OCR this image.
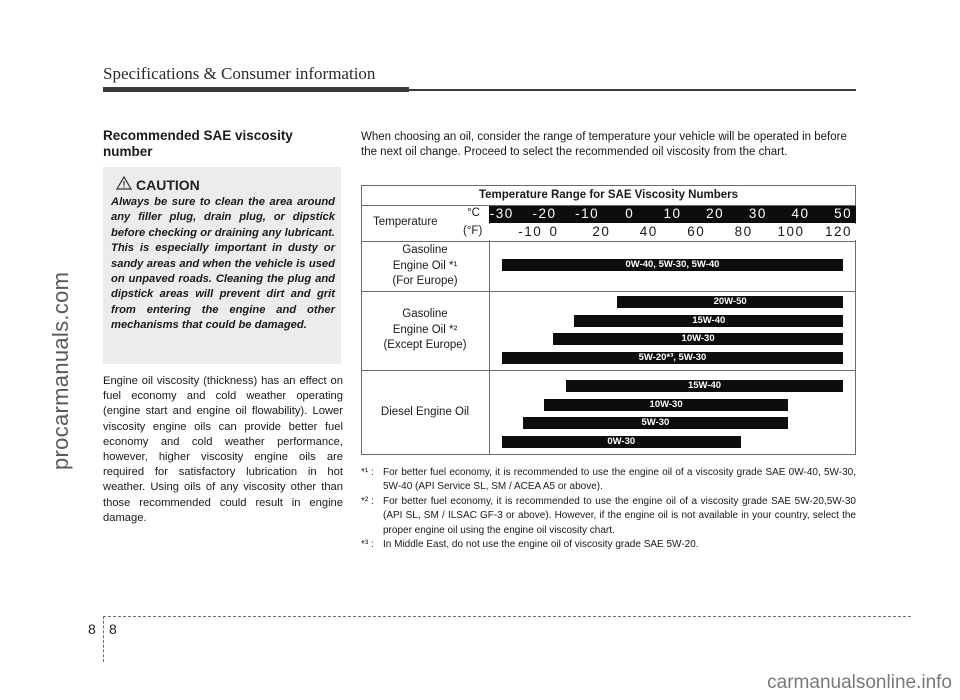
Specifications & Consumer information
procarmanuals.com
Recommended SAE viscosity number
CAUTION
Always be sure to clean the area around any filler plug, drain plug, or dipstick before checking or draining any lubricant. This is especially important in dusty or sandy areas and when the vehicle is used on unpaved roads. Cleaning the plug and dipstick areas will prevent dirt and grit from entering the engine and other mechanisms that could be damaged.
Engine oil viscosity (thickness) has an effect on fuel economy and cold weather operating (engine start and engine oil flowability). Lower viscosity engine oils can provide better fuel economy and cold weather performance, however, higher viscosity engine oils are required for satisfactory lubrication in hot weather. Using oils of any viscosity other than those recommended could result in engine damage.
When choosing an oil, consider the range of temperature your vehicle will be operated in before the next oil change. Proceed to select the recommended oil viscosity from the chart.
Temperature Range for SAE Viscosity Numbers
Temperature
°C
(°F)
-30 -20 -10 0 10 20 30 40 50
-10 0	20 40 60 80 100 120
Gasoline
Engine Oil *¹
(For Europe)
Gasoline
Engine Oil *²
(Except Europe)
Diesel Engine Oil
0W-40, 5W-30, 5W-40
20W-50
15W-40
10W-30
5W-20*³, 5W-30
15W-40
10W-30
5W-30
0W-30
*¹ : For better fuel economy, it is recommended to use the engine oil of a viscosity grade SAE 0W-40, 5W-30, 5W-40 (API Service SL, SM / ACEA A5 or above).
*² : For better fuel economy, it is recommended to use the engine oil of a viscosity grade SAE 5W-20,5W-30 (API SL, SM / ILSAC GF-3 or above). However, if the engine oil is not available in your country, select the proper engine oil using the engine oil viscosity chart.
*³ : In Middle East, do not use the engine oil of viscosity grade SAE 5W-20.
8 8
carmanualsonline.info
